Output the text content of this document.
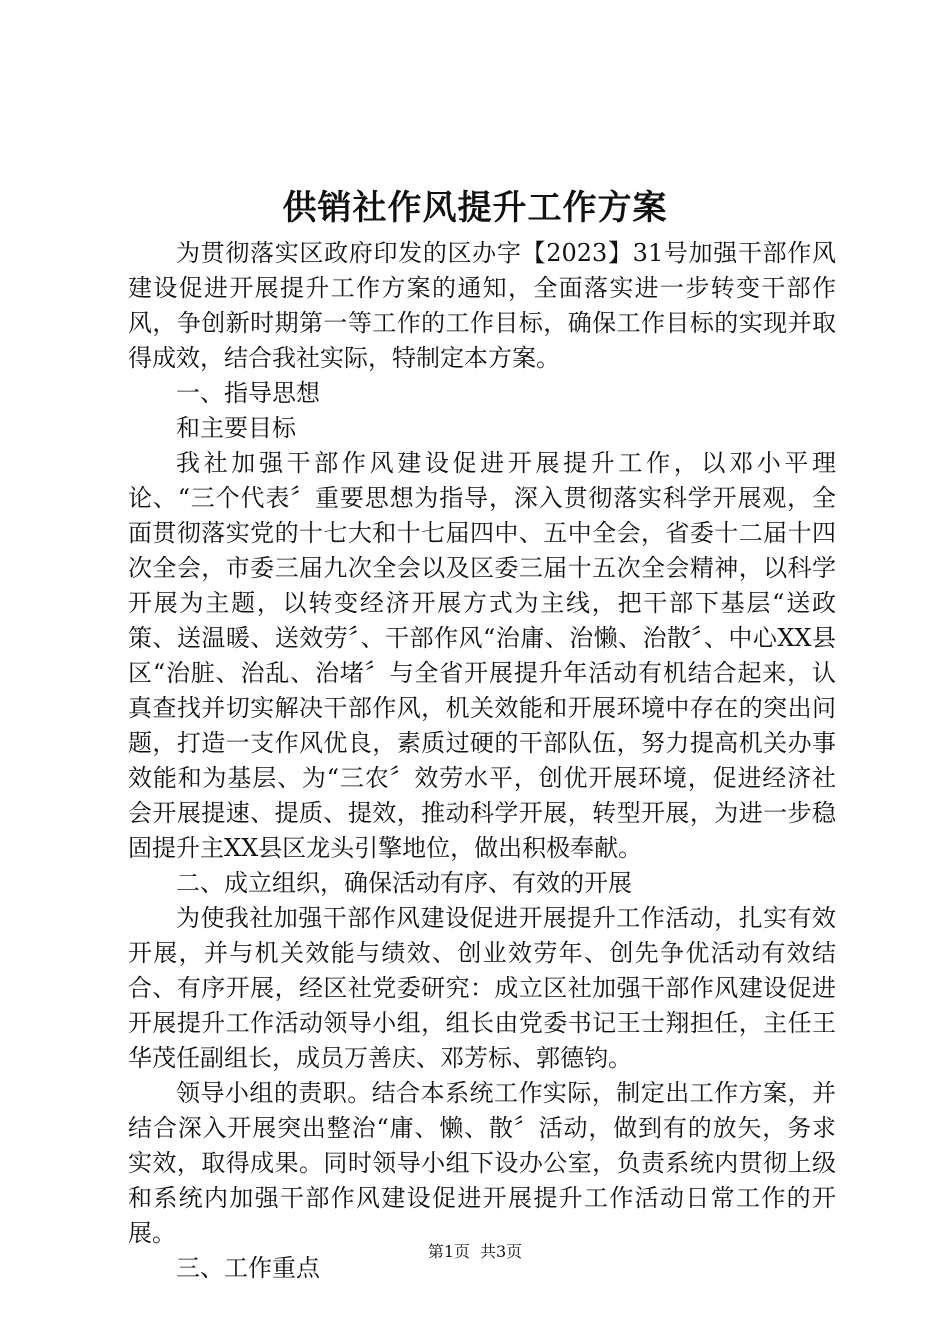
供销社作风提升工作方案

为贯彻落实区政府印发的区办字【2023】31号加强干部作风建设促进开展提升工作方案的通知，全面落实进一步转变干部作风，争创新时期第一等工作的工作目标，确保工作目标的实现并取得成效，结合我社实际，特制定本方案。

一、指导思想

和主要目标

我社加强干部作风建设促进开展提升工作，以邓小平理论、“三个代表〞重要思想为指导，深入贯彻落实科学开展观，全面贯彻落实党的十七大和十七届四中、五中全会，省委十二届十四次全会，市委三届九次全会以及区委三届十五次全会精神，以科学开展为主题，以转变经济开展方式为主线，把干部下基层“送政策、送温暖、送效劳〞、干部作风“治庸、治懒、治散〞、中心XX县区“治脏、治乱、治堵〞与全省开展提升年活动有机结合起来，认真查找并切实解决干部作风，机关效能和开展环境中存在的突出问题，打造一支作风优良，素质过硬的干部队伍，努力提高机关办事效能和为基层、为“三农〞效劳水平，创优开展环境，促进经济社会开展提速、提质、提效，推动科学开展，转型开展，为进一步稳固提升主XX县区龙头引擎地位，做出积极奉献。

二、成立组织，确保活动有序、有效的开展

为使我社加强干部作风建设促进开展提升工作活动，扎实有效开展，并与机关效能与绩效、创业效劳年、创先争优活动有效结合、有序开展，经区社党委研究：成立区社加强干部作风建设促进开展提升工作活动领导小组，组长由党委书记王士翔担任，主任王华茂任副组长，成员万善庆、邓芳标、郭德钧。

领导小组的责职。结合本系统工作实际，制定出工作方案，并结合深入开展突出整治“庸、懒、散〞活动，做到有的放矢，务求实效，取得成果。同时领导小组下设办公室，负责系统内贯彻上级和系统内加强干部作风建设促进开展提升工作活动日常工作的开展。

三、工作重点

第1页 共3页
